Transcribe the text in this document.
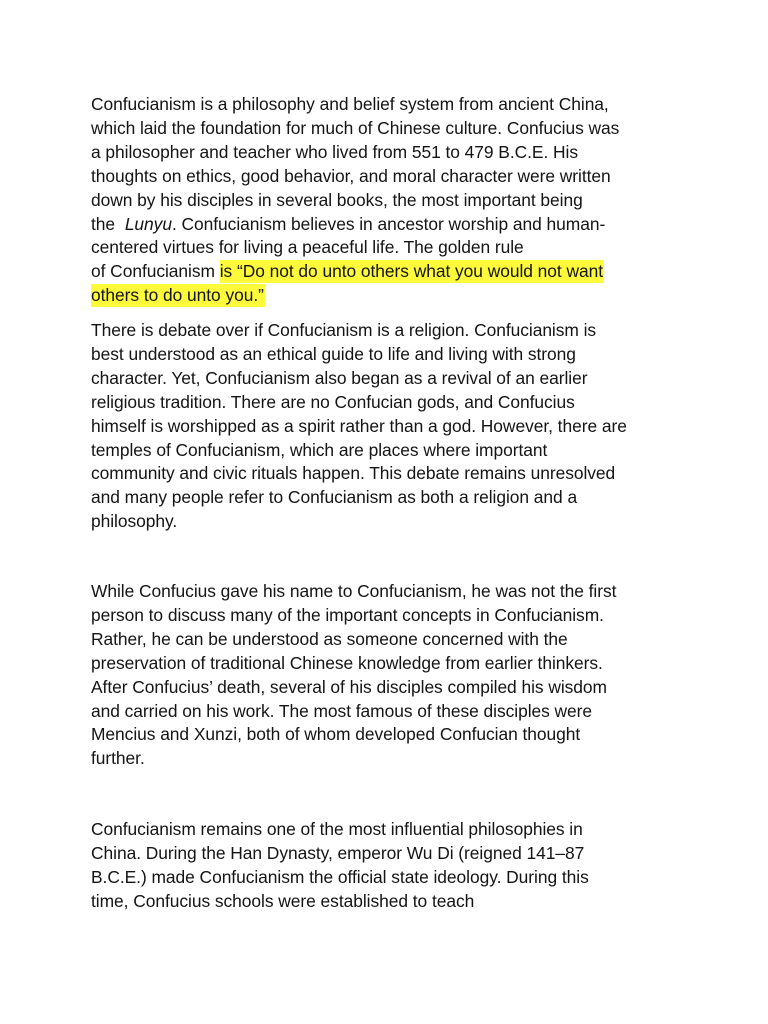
Confucianism is a philosophy and belief system from ancient China,
which laid the foundation for much of Chinese culture. Confucius was
a philosopher and teacher who lived from 551 to 479 B.C.E. His
thoughts on ethics, good behavior, and moral character were written
down by his disciples in several books, the most important being
the Lunyu. Confucianism believes in ancestor worship and human-
centered virtues for living a peaceful life. The golden rule
of Confucianism is “Do not do unto others what you would not want
others to do unto you.”
There is debate over if Confucianism is a religion. Confucianism is
best understood as an ethical guide to life and living with strong
character. Yet, Confucianism also began as a revival of an earlier
religious tradition. There are no Confucian gods, and Confucius
himself is worshipped as a spirit rather than a god. However, there are
temples of Confucianism, which are places where important
community and civic rituals happen. This debate remains unresolved
and many people refer to Confucianism as both a religion and a
philosophy.
While Confucius gave his name to Confucianism, he was not the first
person to discuss many of the important concepts in Confucianism.
Rather, he can be understood as someone concerned with the
preservation of traditional Chinese knowledge from earlier thinkers.
After Confucius’ death, several of his disciples compiled his wisdom
and carried on his work. The most famous of these disciples were
Mencius and Xunzi, both of whom developed Confucian thought
further.
Confucianism remains one of the most influential philosophies in
China. During the Han Dynasty, emperor Wu Di (reigned 141–87
B.C.E.) made Confucianism the official state ideology. During this
time, Confucius schools were established to teach
